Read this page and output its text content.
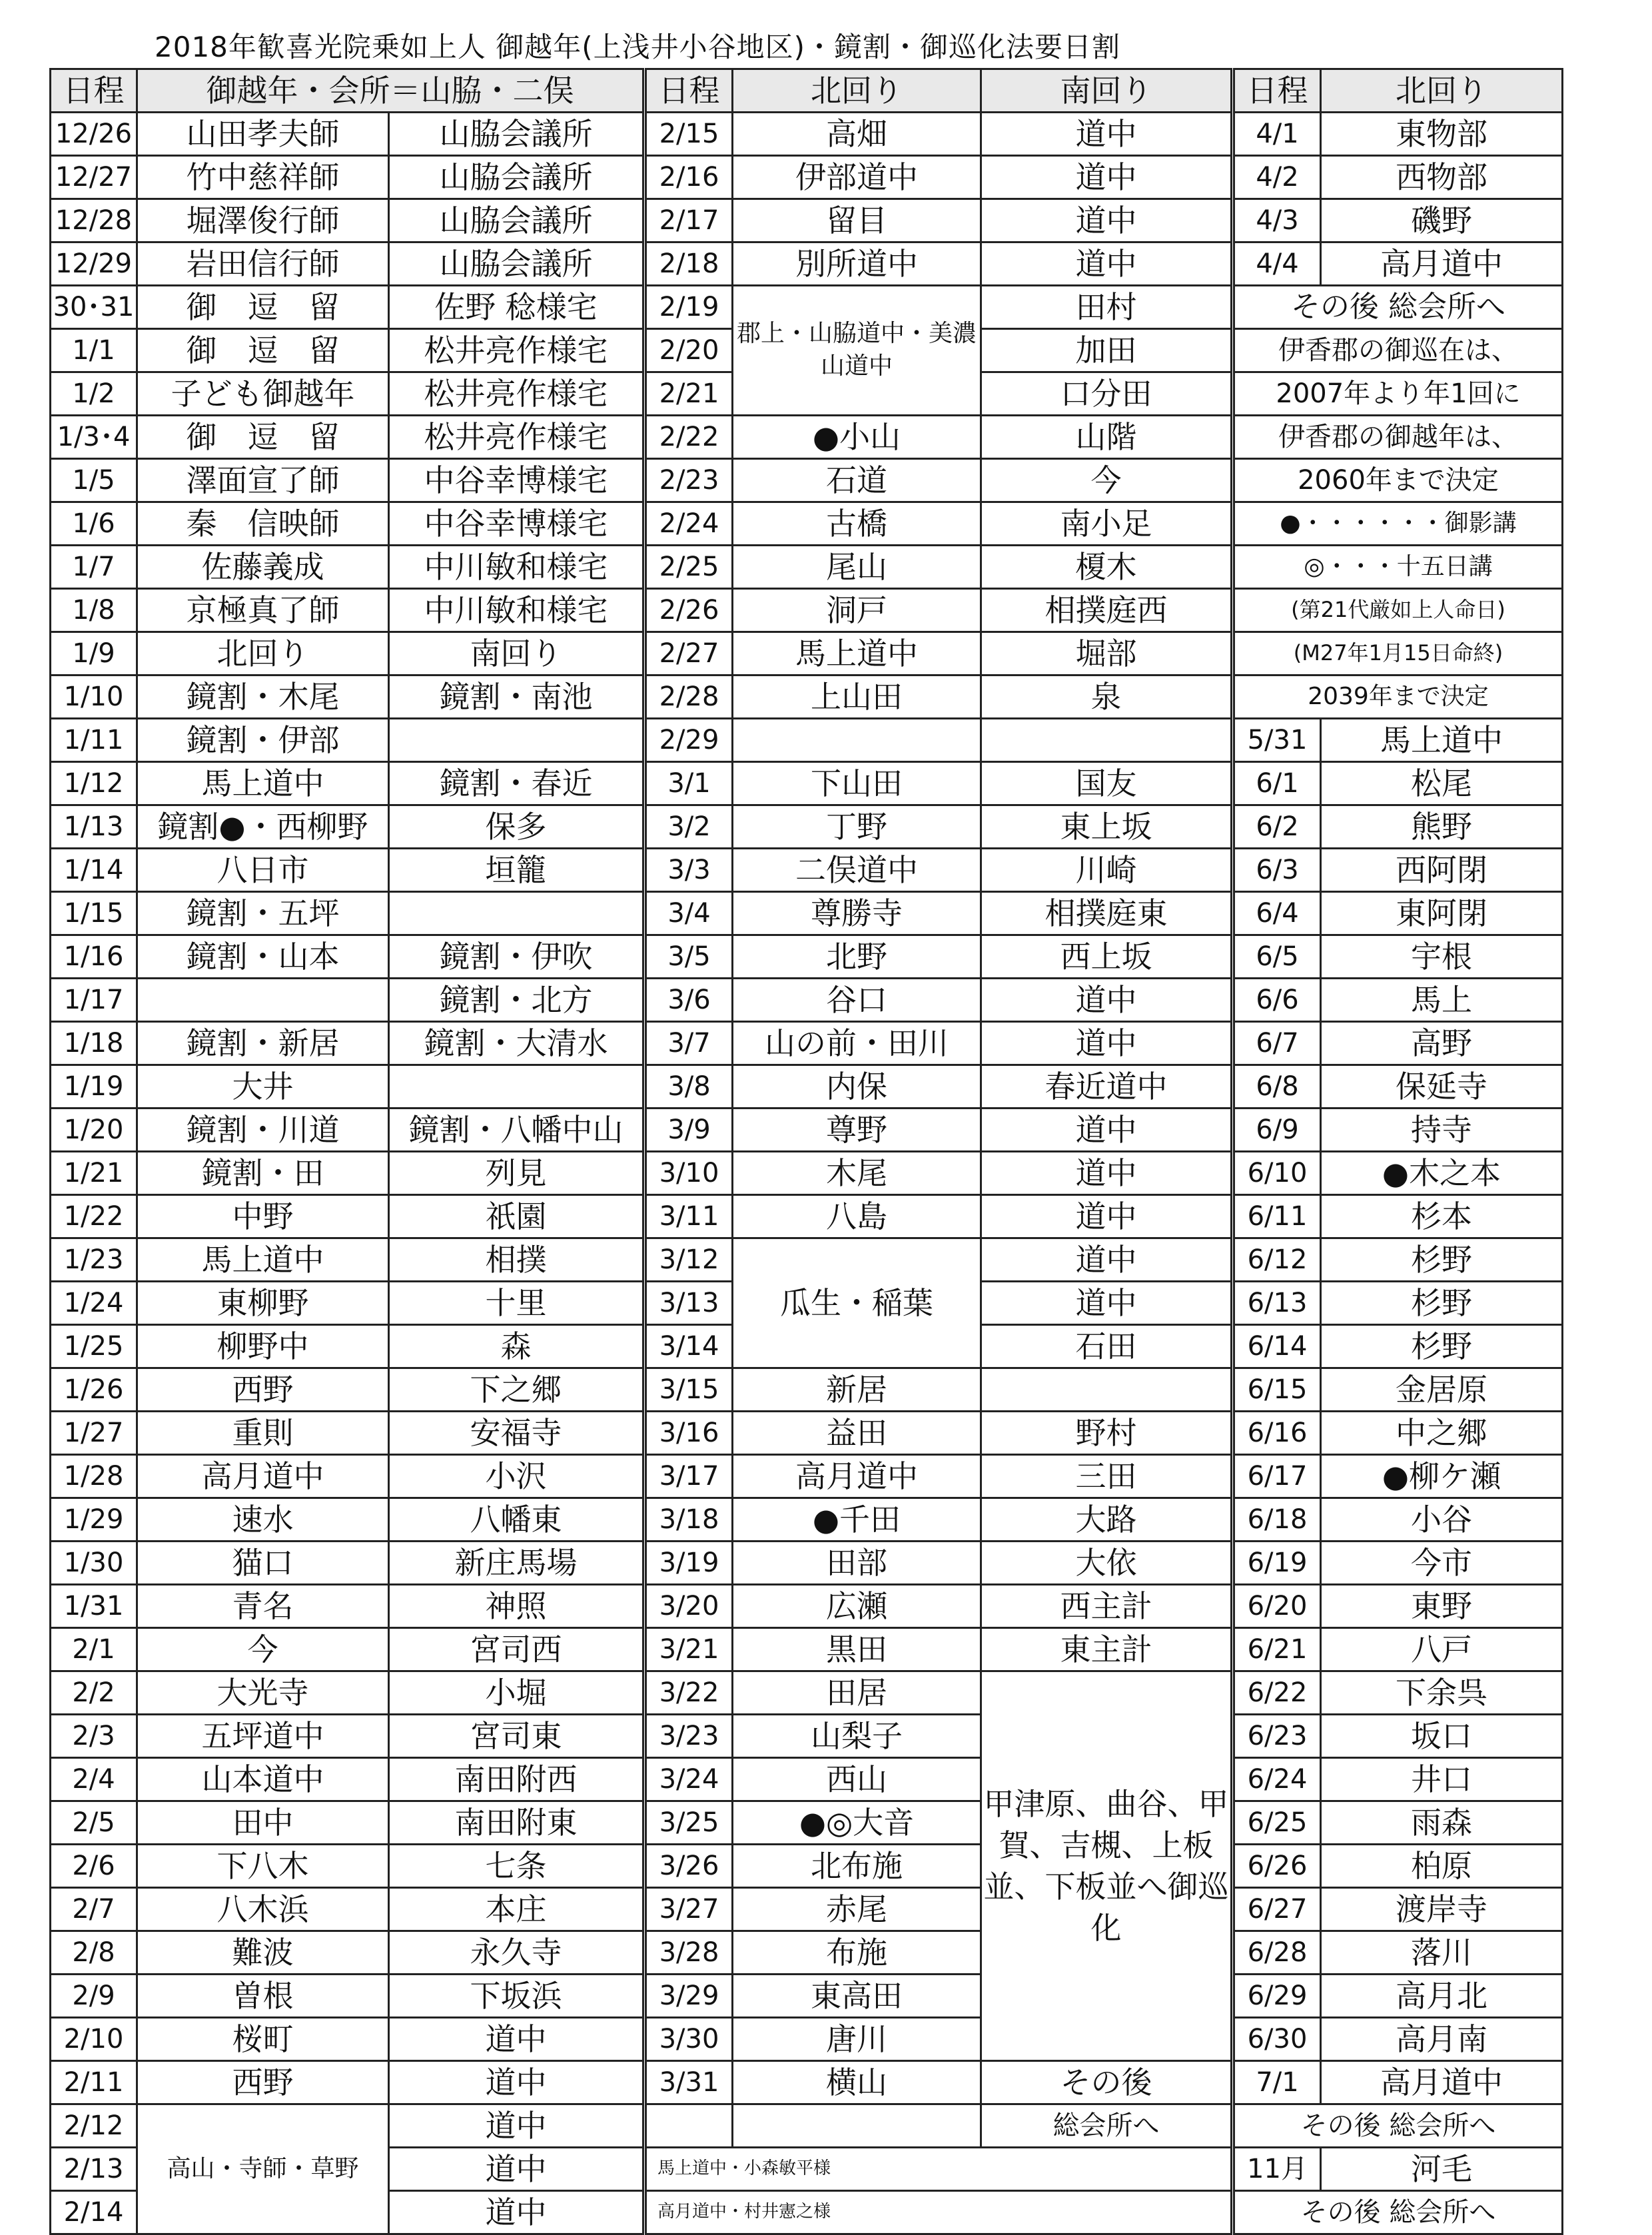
2018年歓喜光院乗如上人 御越年(上浅井小谷地区)・鏡割・御巡化法要日割
日程	御越年・会所＝山脇・二俣	
12/26	山田孝夫師	山脇会議所
12/27	竹中慈祥師	山脇会議所
12/28	堀澤俊行師	山脇会議所
12/29	岩田信行師	山脇会議所
30･31	御　逗　留	佐野 稔様宅
1/1	御　逗　留	松井亮作様宅
1/2	子ども御越年	松井亮作様宅
1/3･4	御　逗　留	松井亮作様宅
1/5	澤面宣了師	中谷幸博様宅
1/6	秦　信映師	中谷幸博様宅
1/7	佐藤義成	中川敏和様宅
1/8	京極真了師	中川敏和様宅
1/9	北回り	南回り
1/10	鏡割・木尾	鏡割・南池
1/11	鏡割・伊部	
1/12	馬上道中	鏡割・春近
1/13	鏡割●・西柳野	保多
1/14	八日市	垣籠
1/15	鏡割・五坪	
1/16	鏡割・山本	鏡割・伊吹
1/17		鏡割・北方
1/18	鏡割・新居	鏡割・大清水
1/19	大井	
1/20	鏡割・川道	鏡割・八幡中山
1/21	鏡割・田	列見
1/22	中野	祇園
1/23	馬上道中	相撲
1/24	東柳野	十里
1/25	柳野中	森
1/26	西野	下之郷
1/27	重則	安福寺
1/28	高月道中	小沢
1/29	速水	八幡東
1/30	猫口	新庄馬場
1/31	青名	神照
2/1	今	宮司西
2/2	大光寺	小堀
2/3	五坪道中	宮司東
2/4	山本道中	南田附西
2/5	田中	南田附東
2/6	下八木	七条
2/7	八木浜	本庄
2/8	難波	永久寺
2/9	曽根	下坂浜
2/10	桜町	道中
2/11	西野	道中
2/12	高山・寺師・草野	道中
2/13		道中
2/14		道中
日程	北回り	南回り
2/15	高畑	道中
2/16	伊部道中	道中
2/17	留目	道中
2/18	別所道中	道中
2/19	郡上・山脇道中・美濃山道中	田村
2/20		加田
2/21		口分田
2/22	●小山	山階
2/23	石道	今
2/24	古橋	南小足
2/25	尾山	榎木
2/26	洞戸	相撲庭西
2/27	馬上道中	堀部
2/28	上山田	泉
2/29		
3/1	下山田	国友
3/2	丁野	東上坂
3/3	二俣道中	川崎
3/4	尊勝寺	相撲庭東
3/5	北野	西上坂
3/6	谷口	道中
3/7	山の前・田川	道中
3/8	内保	春近道中
3/9	尊野	道中
3/10	木尾	道中
3/11	八島	道中
3/12	瓜生・稲葉	道中
3/13		道中
3/14		石田
3/15	新居	
3/16	益田	野村
3/17	高月道中	三田
3/18	●千田	大路
3/19	田部	大依
3/20	広瀬	西主計
3/21	黒田	東主計
3/22	田居	甲津原、曲谷、甲賀、吉槻、上板並、下板並へ御巡化
3/23	山梨子	
3/24	西山	
3/25	●◎大音	
3/26	北布施	
3/27	赤尾	
3/28	布施	
3/29	東高田	
3/30	唐川	
3/31	横山	その後
		総会所へ
馬上道中・小森敏平様		
高月道中・村井憲之様		
日程	北回り
4/1	東物部
4/2	西物部
4/3	磯野
4/4	高月道中
その後 総会所へ	
伊香郡の御巡在は、	
2007年より年1回に	
伊香郡の御越年は、	
2060年まで決定	
●・・・・・・御影講	
◎・・・十五日講	
(第21代厳如上人命日)	
(M27年1月15日命終)	
2039年まで決定	
5/31	馬上道中
6/1	松尾
6/2	熊野
6/3	西阿閉
6/4	東阿閉
6/5	宇根
6/6	馬上
6/7	高野
6/8	保延寺
6/9	持寺
6/10	●木之本
6/11	杉本
6/12	杉野
6/13	杉野
6/14	杉野
6/15	金居原
6/16	中之郷
6/17	●柳ケ瀬
6/18	小谷
6/19	今市
6/20	東野
6/21	八戸
6/22	下余呉
6/23	坂口
6/24	井口
6/25	雨森
6/26	柏原
6/27	渡岸寺
6/28	落川
6/29	高月北
6/30	高月南
7/1	高月道中
その後 総会所へ	
11月	河毛
その後 総会所へ	
